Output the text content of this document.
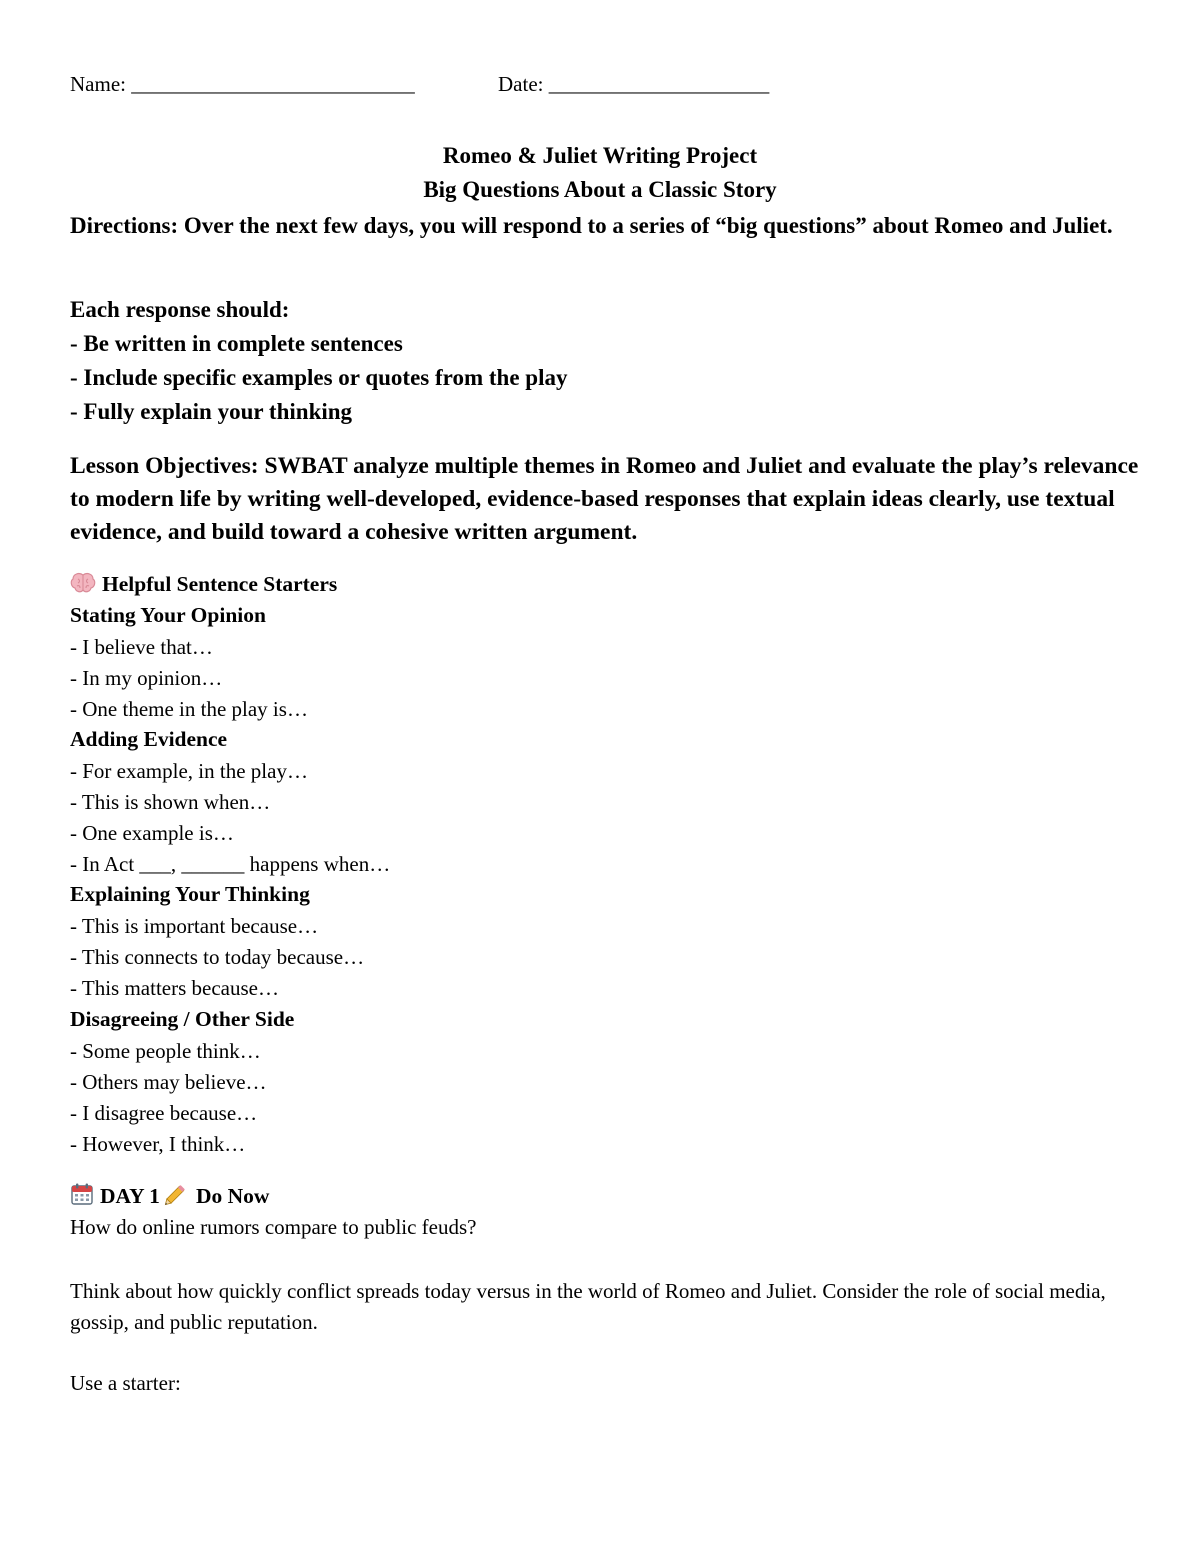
Name: ___________________________	Date: _____________________
Romeo & Juliet Writing Project
Big Questions About a Classic Story
Directions: Over the next few days, you will respond to a series of “big questions” about Romeo and Juliet.
Each response should:
- Be written in complete sentences
- Include specific examples or quotes from the play
- Fully explain your thinking
Lesson Objectives: SWBAT analyze multiple themes in Romeo and Juliet and evaluate the play’s relevance to modern life by writing well-developed, evidence-based responses that explain ideas clearly, use textual evidence, and build toward a cohesive written argument.
Helpful Sentence Starters
Stating Your Opinion
- I believe that…
- In my opinion…
- One theme in the play is…
Adding Evidence
- For example, in the play…
- This is shown when…
- One example is…
- In Act ___, ______ happens when…
Explaining Your Thinking
- This is important because…
- This connects to today because…
- This matters because…
Disagreeing / Other Side
- Some people think…
- Others may believe…
- I disagree because…
- However, I think…
DAY 1 Do Now
How do online rumors compare to public feuds?
Think about how quickly conflict spreads today versus in the world of Romeo and Juliet. Consider the role of social media, gossip, and public reputation.
Use a starter:
